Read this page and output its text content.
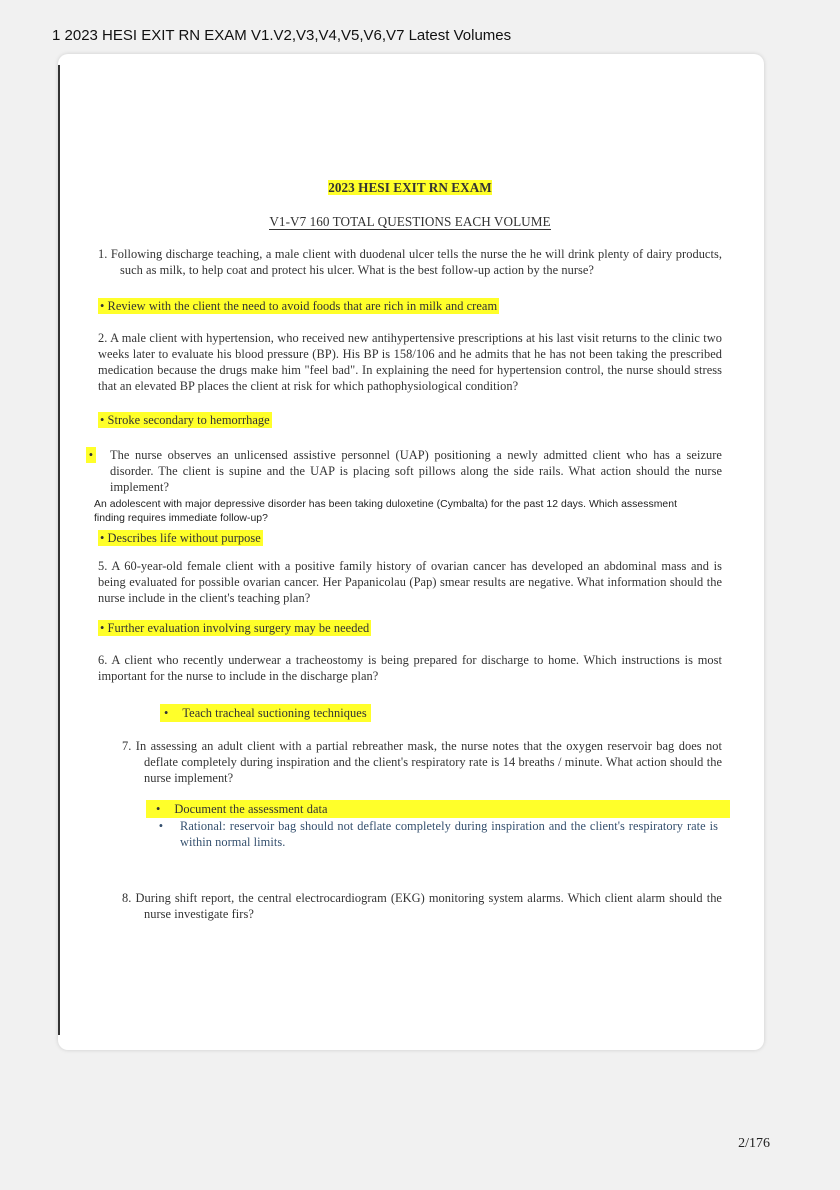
1 2023 HESI EXIT RN EXAM V1.V2,V3,V4,V5,V6,V7 Latest Volumes
2023 HESI EXIT RN EXAM
V1-V7 160 TOTAL QUESTIONS EACH VOLUME

1. Following discharge teaching, a male client with duodenal ulcer tells the nurse the he will drink plenty of dairy products, such as milk, to help coat and protect his ulcer. What is the best follow-up action by the nurse?

• Review with the client the need to avoid foods that are rich in milk and cream

2. A male client with hypertension, who received new antihypertensive prescriptions at his last visit returns to the clinic two weeks later to evaluate his blood pressure (BP). His BP is 158/106 and he admits that he has not been taking the prescribed medication because the drugs make him "feel bad". In explaining the need for hypertension control, the nurse should stress that an elevated BP places the client at risk for which pathophysiological condition?

• Stroke secondary to hemorrhage

• The nurse observes an unlicensed assistive personnel (UAP) positioning a newly admitted client who has a seizure disorder. The client is supine and the UAP is placing soft pillows along the side rails. What action should the nurse implement?

An adolescent with major depressive disorder has been taking duloxetine (Cymbalta) for the past 12 days. Which assessment finding requires immediate follow-up?

• Describes life without purpose

5. A 60-year-old female client with a positive family history of ovarian cancer has developed an abdominal mass and is being evaluated for possible ovarian cancer. Her Papanicolau (Pap) smear results are negative. What information should the nurse include in the client's teaching plan?

• Further evaluation involving surgery may be needed

6. A client who recently underwear a tracheostomy is being prepared for discharge to home. Which instructions is most important for the nurse to include in the discharge plan?

• Teach tracheal suctioning techniques

7. In assessing an adult client with a partial rebreather mask, the nurse notes that the oxygen reservoir bag does not deflate completely during inspiration and the client's respiratory rate is 14 breaths / minute. What action should the nurse implement?

• Document the assessment data
• Rational: reservoir bag should not deflate completely during inspiration and the client's respiratory rate is within normal limits.

8. During shift report, the central electrocardiogram (EKG) monitoring system alarms. Which client alarm should the nurse investigate firs?

2/176
